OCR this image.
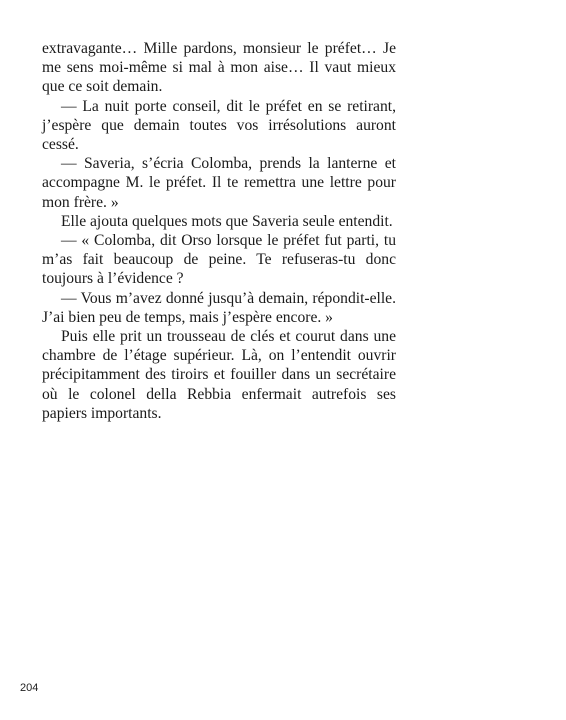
extravagante… Mille pardons, monsieur le préfet… Je me sens moi-même si mal à mon aise… Il vaut mieux que ce soit demain.

— La nuit porte conseil, dit le préfet en se retirant, j’espère que demain toutes vos irrésolutions auront cessé.

— Saveria, s’écria Colomba, prends la lanterne et accompagne M. le préfet. Il te remettra une lettre pour mon frère. »

Elle ajouta quelques mots que Saveria seule entendit.

— « Colomba, dit Orso lorsque le préfet fut parti, tu m’as fait beaucoup de peine. Te refuseras-tu donc toujours à l’évidence ?

— Vous m’avez donné jusqu’à demain, répondit-elle. J’ai bien peu de temps, mais j’espère encore. »

Puis elle prit un trousseau de clés et courut dans une chambre de l’étage supérieur. Là, on l’entendit ouvrir précipitamment des tiroirs et fouiller dans un secrétaire où le colonel della Rebbia enfermait autrefois ses papiers importants.

204
